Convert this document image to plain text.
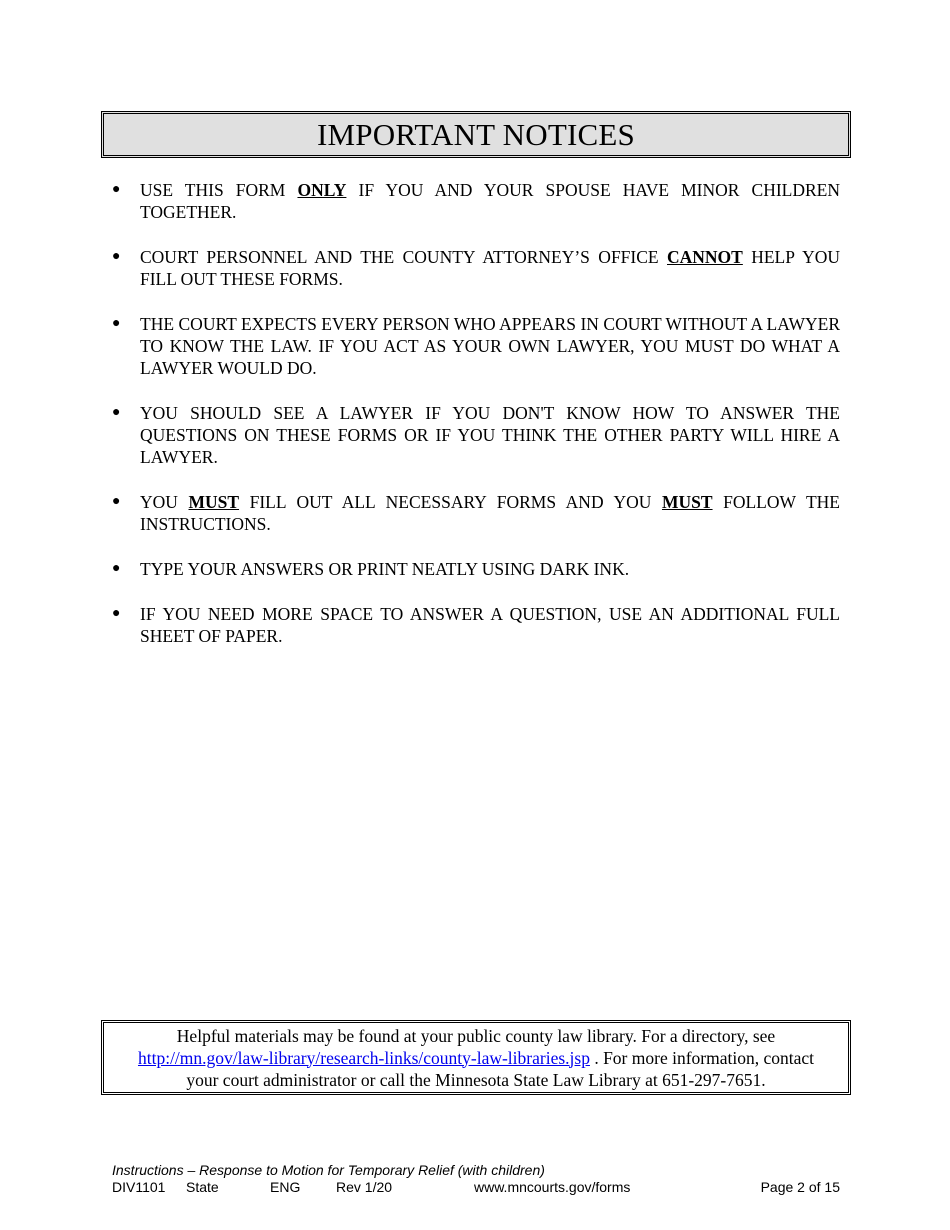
IMPORTANT NOTICES
● USE THIS FORM ONLY IF YOU AND YOUR SPOUSE HAVE MINOR CHILDREN TOGETHER.
● COURT PERSONNEL AND THE COUNTY ATTORNEY’S OFFICE CANNOT HELP YOU FILL OUT THESE FORMS.
● THE COURT EXPECTS EVERY PERSON WHO APPEARS IN COURT WITHOUT A LAWYER TO KNOW THE LAW. IF YOU ACT AS YOUR OWN LAWYER, YOU MUST DO WHAT A LAWYER WOULD DO.
● YOU SHOULD SEE A LAWYER IF YOU DON'T KNOW HOW TO ANSWER THE QUESTIONS ON THESE FORMS OR IF YOU THINK THE OTHER PARTY WILL HIRE A LAWYER.
● YOU MUST FILL OUT ALL NECESSARY FORMS AND YOU MUST FOLLOW THE INSTRUCTIONS.
● TYPE YOUR ANSWERS OR PRINT NEATLY USING DARK INK.
● IF YOU NEED MORE SPACE TO ANSWER A QUESTION, USE AN ADDITIONAL FULL SHEET OF PAPER.

Helpful materials may be found at your public county law library. For a directory, see
http://mn.gov/law-library/research-links/county-law-libraries.jsp . For more information, contact
your court administrator or call the Minnesota State Law Library at 651-297-7651.

Instructions – Response to Motion for Temporary Relief (with children)
DIV1101 State	ENG	Rev 1/20	www.mncourts.gov/forms	Page 2 of 15
